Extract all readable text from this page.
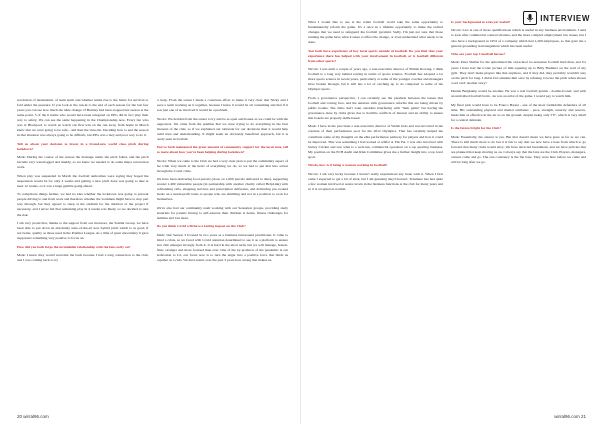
revolution of momentum, of team spirit and whether teams rise to the battle for survival or fold under the pressure. If you look at the run-in to the end of each season for the last few years you can see how much the table change. If Burnley had been stopped last season at the same point, 5 of the 6 teams who would have been relegated on PPG did in fact play their way to safety. We can see the same happening in the Championship now. Every fan who was at Blackpool to watch us watch our first win on the run away from home in March knew that we were going to be safe... and then the virus hit. Deciding how to end the season in that situation was always going to be difficult, but PPG was a lazy and poor way to do it.

Tell us about your decision to invest in a brand-new world class pitch during lockdown?

Mark: During the course of the season the drainage under the pitch failed, and the pitch became very waterlogged and muddy, so we knew we needed to do some major renovation work.

When play was suspended in March the football authorities were saying they hoped the suspension would be for only 4 weeks and getting a new pitch done was going to take at least 12 weeks, so it was a huge gamble going ahead.

To complicate things further, we had no idea whether the lockdown was going to prevent people driving to and from work and therefore whether the workmen might have to stop part way through, but they agreed to sleep at the stadium for the duration of the project if necessary, and I never felt that remaining play in 4 weeks was likely, so we decided to take the risk.

I am very proud that, thanks to the support from our investors, the Santini Group, we have been able to put down an absolutely state-of-the-art new hybrid pitch which is as good, if not better, quality as those used in the Premier League. At a time of great uncertainty it gave supporters something very positive to focus on.

How did you both forge the formidable relationship with the fans early on?

Mark: I knew they would welcome me back because I had a long connection to the club, and I was coming back to try

to help. From the outset I made a conscious effort to make it very clear that Nicky and I were a team working on it together, because I knew it would be all consuming and that if it was just one of us involved it would be a problem.

Nicola: We decided from the outset to try and be as open and honest as we could be with the supporters. We came from the premise that we were trying to do everything in the best interests of the club, so if we explained our rationale for our decisions then it would help build trust and understanding. It might seem an obviously beneficial approach, but it is rarely seen in football.

You've both mentioned the great amount of community support for the local area, tell us more about how you've been helping during lockdown?

Nicola: When we came to the Club we had a very clear plan to put the community aspect of the Club very much at the heart of everything we do, so we had to put that into action through the Covid crisis.

We have been delivering food parcels (close on 1,000 parcels delivered to date), supporting around 1,400 vulnerable people (in partnership with another charity called HelpLink) with befriending calls, shopping services and prescription deliveries, and delivering pre-cooked meals on a needs-profit basis to people who are shielding and not in a position to cook for themselves.

We've also had our community team working with our Sensation groups, providing study materials for parents having to self-educate their children at home, fitness challenges for families and lots more.

Do you think Covid will have a lasting impact on the Club?

Mark: Our Season 3 focused in two years as a business turnaround practitioner. It came to mind a crisis, as we faced with Covid attention determined to see it as a platform to ensure that club emerges strongly from it. It is hard in the short term, but we will manage, honest, fitter, stronger and more focused than ever. One of the by-products of the pandemic is our dedication to L2, our focus now is to turn the anger into a positive force that binds us together as a club. We have learnt over the past 3 years how strong that makes us.

20 wirral96.com
INTERVIEW

What I would like to see is the wider football world take the same opportunity to fundamentally reform the game. It's a once in a lifetime opportunity to make the radical changes that we need to safeguard the football pyramid. Sadly, I'm just not sure that those running the game have what it takes to effect the change, or even understand what needs to be done.

You both have experience of key local sports outside of football. Do you find that your experience there has helped with your involvement in football, or is football different from other sports?

Nicola: I was until a couple of years ago, a non-executive director of British Rowing. I think football is a long way behind rowing in terms of sports science. Football has adopted a lot more sports science in recent years, particularly at some of the younger coaches and managers have broken through, but it still has a lot of catching up to do compared to some of the Olympic sports.

From a governance perspective, I can certainly see the parallels between the issues that football and rowing face, and the tensions with governance reforms that are being driven by public bodies. The clubs don't want outsiders interfering with "their game" but having the governance done by clubs gives rise to horrible conflicts of interest and an ability to ensure that boards are properly skills-based.

Mark: I have in the past been a non-executive director of Welsh Judo and was involved in the creation of their performance pool for the 2012 Olympics. That has certainly helped me contribute some of my thoughts on the elite performance pathway for players and how it could be improved. This was something I had looked at whilst at The FA. I was also involved with Surrey Cricket and saw what is a well-run, commercial operation on a top sporting business. My position on the ECB Audit and Risk Committee gives me a further insight into a top level sport.

Nicola, how is it being a woman working in football?

Nicola: I am very lucky because I haven't really experienced any issue with it. When I first came I expected to get a bit of stick, but I am guessing they'd haven't. Tranmere has had quite a few women involved at senior levels in the business functions at the club for many years and so it is accepted as normal.

Is your background as a lawyer useful?

Nicola: Law is one of those qualifications which is useful in any business environment. I tend to look after commercial contract matters, and the more complex employment law issues, but I also have a background as CEO of a company which had 1,200 employees, so that gave me a general grounding in management which has been useful.

Who are your top 3 football heroes?

Mark: Peter Shellar for me epitomised the old-school no-nonsense football hard man, and for years I have had the iconic picture of him squaring up to Billy Bremner on the wall of my gym. They don't make players like that anymore, and if they did, they probably wouldn't stay on the pitch for long. I did in fact emulate him once by refusing to leave the pitch when shown a red card: another story!

Dennis Bergkamp would be another. He was a real football genius - double-footed, and with an unrivalled football brain - he was an artist of the game. I would pay to watch him.

My final pick would have to be Franco Baresi - one of the most formidable defenders of all time. His outstanding physical and mental attributes - pace, strength, tenacity and reserve, made him as effective in the air as on the ground, despite being only 5'9", which is very small for a central defender.

Is the future bright for the Club?

Mark: Essentially, the answer is yes. But that doesn't mean we have gone as far as we can. There is still much more to do but it is fair to say that we now have a base from which to go forward that many clubs would envy. We have attracted investment, and we have policies that are planned that keep moving us on. I always say that the fans are the Club. Players, managers, owners come and go. The one constancy is the fan base. They were here before we came and will be long after we go.

wirral96.com 21
